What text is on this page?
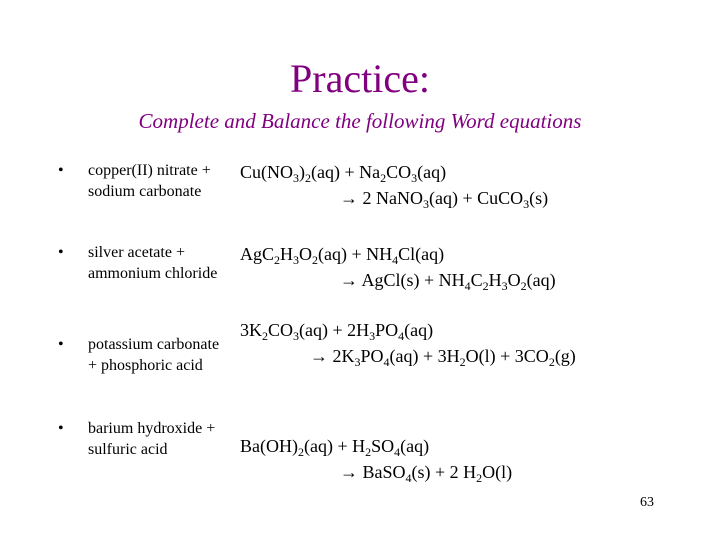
Practice:
Complete and Balance the following Word equations
• copper(II) nitrate + sodium carbonate
$Cu(NO_3)_2(aq) + Na_2CO_3(aq)$
→ 2 NaNO$_3$(aq) + CuCO$_3$(s)
• silver acetate + ammonium chloride
$AgC_2H_3O_2(aq) + NH_4Cl(aq)$
→ AgCl(s) + $NH_4C_2H_3O_2(aq)$
• potassium carbonate + phosphoric acid
$3K_2CO_3(aq) + 2H_3PO_4(aq)$
→ $2K_3PO_4(aq) + 3H_2O(l) + 3CO_2(g)$
• barium hydroxide + sulfuric acid	$Ba(OH)_2(aq) + H_2SO_4(aq)$
→ BaSO$_4$(s) + 2 $H_2O(l)$
63
